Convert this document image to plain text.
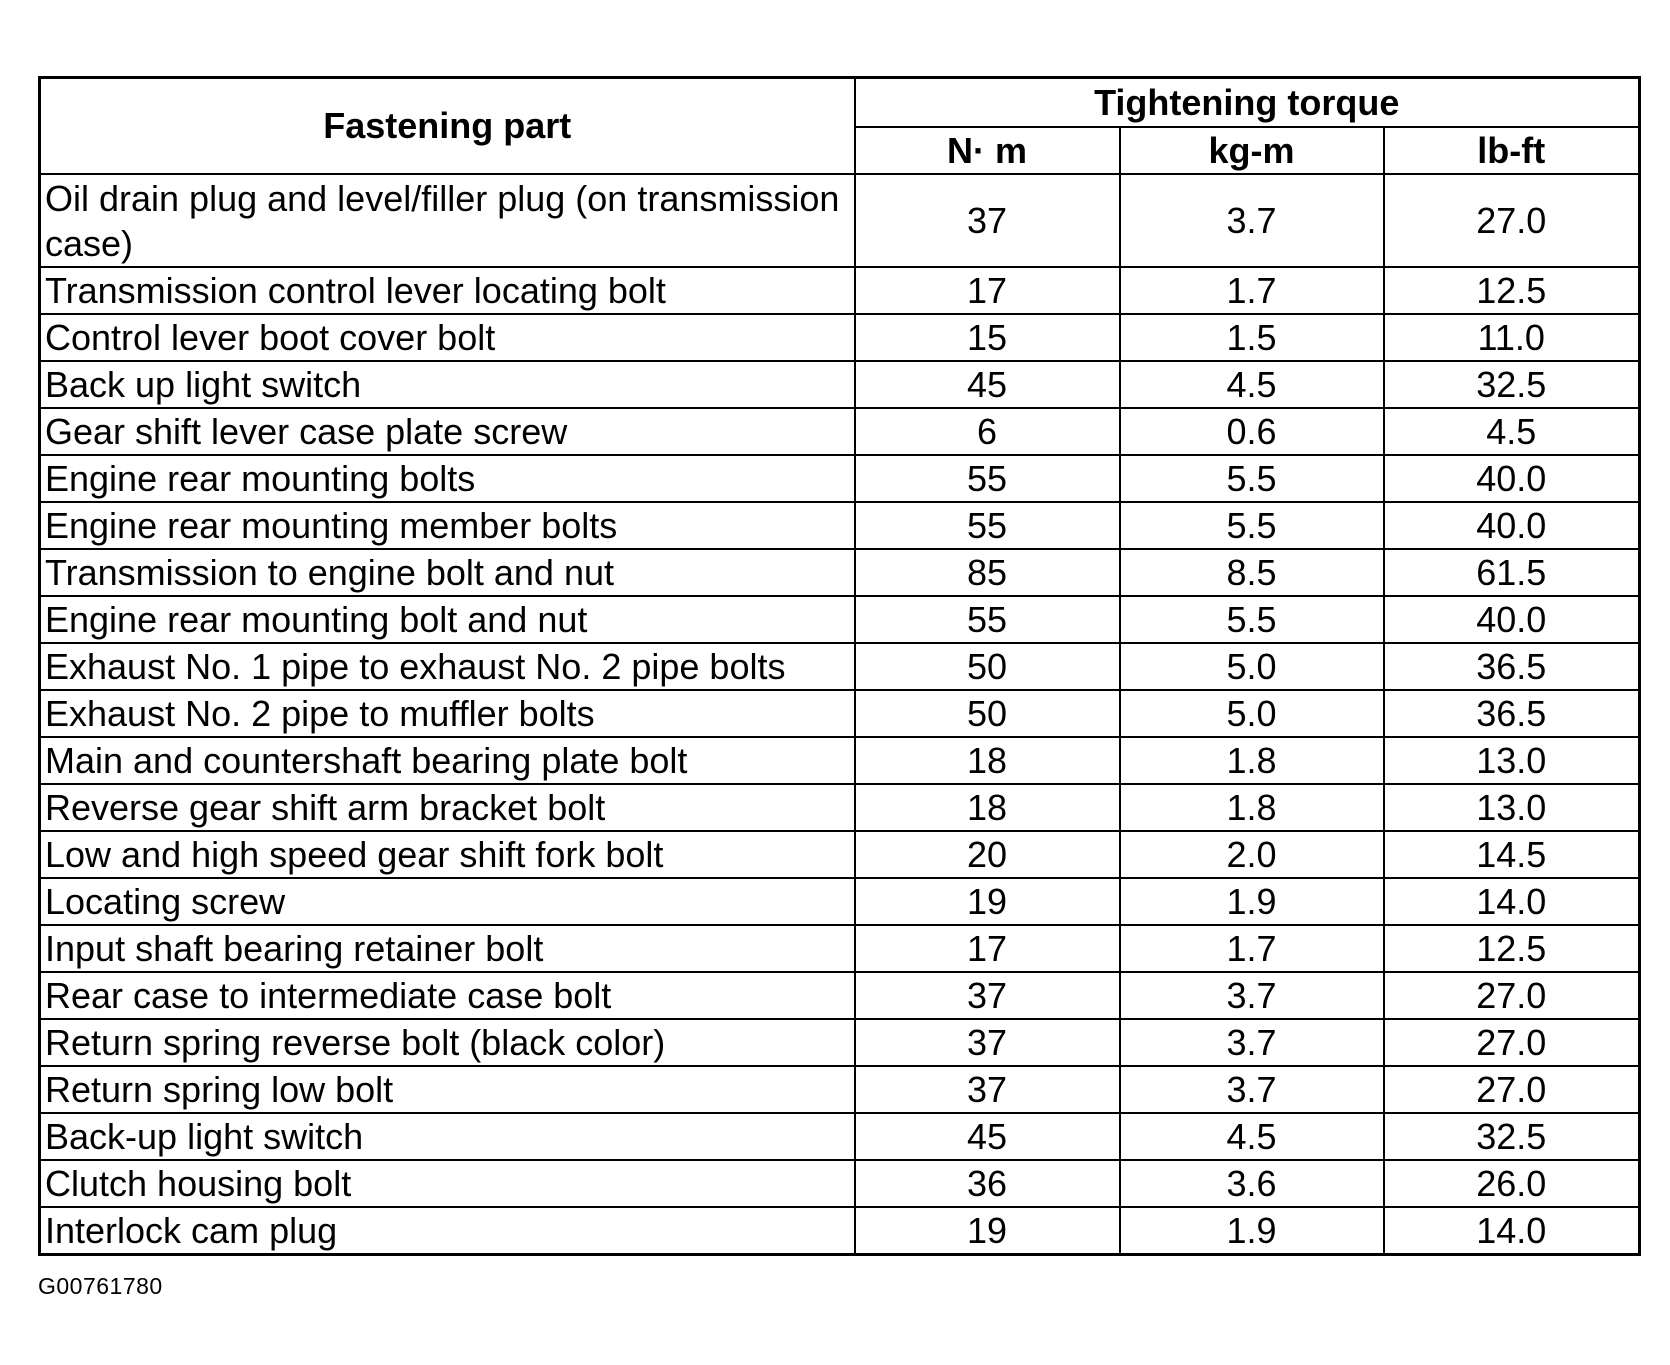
Fastening part	Tightening torque		
	N· m	kg-m	lb-ft
Oil drain plug and level/filler plug (on transmission case)	37	3.7	27.0
Transmission control lever locating bolt	17	1.7	12.5
Control lever boot cover bolt	15	1.5	11.0
Back up light switch	45	4.5	32.5
Gear shift lever case plate screw	6	0.6	4.5
Engine rear mounting bolts	55	5.5	40.0
Engine rear mounting member bolts	55	5.5	40.0
Transmission to engine bolt and nut	85	8.5	61.5
Engine rear mounting bolt and nut	55	5.5	40.0
Exhaust No. 1 pipe to exhaust No. 2 pipe bolts	50	5.0	36.5
Exhaust No. 2 pipe to muffler bolts	50	5.0	36.5
Main and countershaft bearing plate bolt	18	1.8	13.0
Reverse gear shift arm bracket bolt	18	1.8	13.0
Low and high speed gear shift fork bolt	20	2.0	14.5
Locating screw	19	1.9	14.0
Input shaft bearing retainer bolt	17	1.7	12.5
Rear case to intermediate case bolt	37	3.7	27.0
Return spring reverse bolt (black color)	37	3.7	27.0
Return spring low bolt	37	3.7	27.0
Back-up light switch	45	4.5	32.5
Clutch housing bolt	36	3.6	26.0
Interlock cam plug	19	1.9	14.0
G00761780
